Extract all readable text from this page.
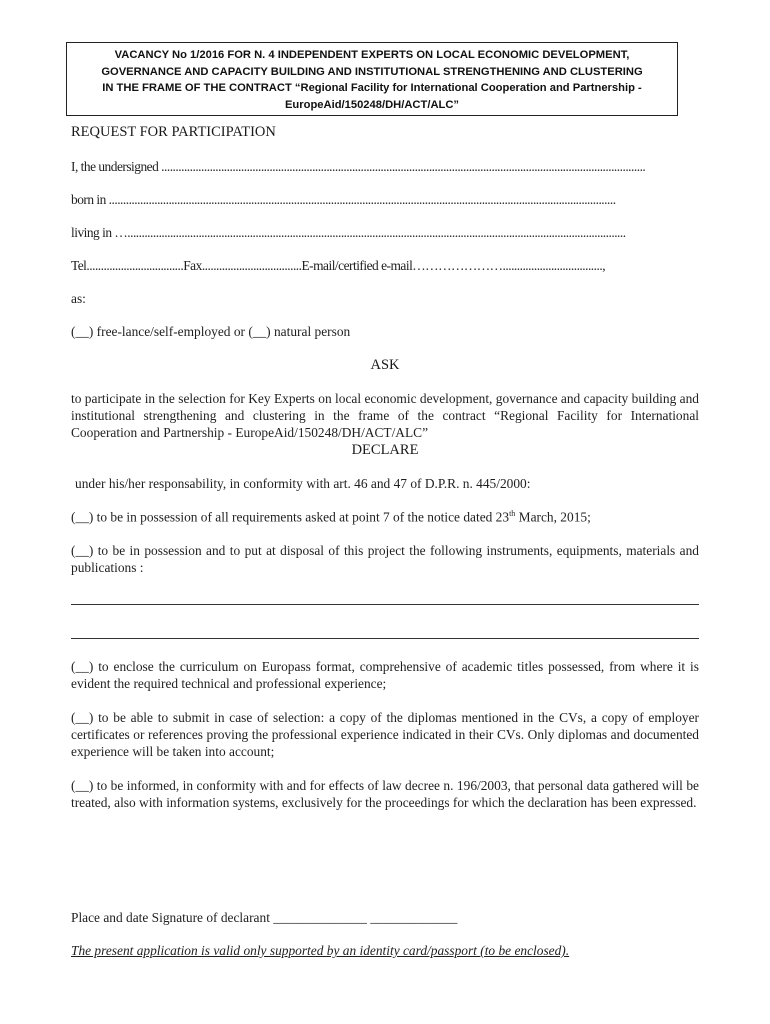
VACANCY No 1/2016 FOR N. 4 INDEPENDENT EXPERTS ON LOCAL ECONOMIC DEVELOPMENT,
GOVERNANCE AND CAPACITY BUILDING AND INSTITUTIONAL STRENGTHENING AND CLUSTERING
IN THE FRAME OF THE CONTRACT “Regional Facility for International Cooperation and Partnership -
EuropeAid/150248/DH/ACT/ALC”
REQUEST FOR PARTICIPATION
I, the undersigned ..........................................................................................................................................................................
born in ..................................................................................................................................................................................
living in …...............................................................................................................................................................................
Tel..................................Fax...................................E-mail/certified e-mail…………………...................................,
as:
(__) free-lance/self-employed or (__) natural person
ASK
to participate in the selection for Key Experts on local economic development, governance and capacity building and institutional strengthening and clustering in the frame of the contract “Regional Facility for International Cooperation and Partnership - EuropeAid/150248/DH/ACT/ALC”
DECLARE
under his/her responsability, in conformity with art. 46 and 47 of D.P.R. n. 445/2000:
(__) to be in possession of all requirements asked at point 7 of the notice dated 23th March, 2015;
(__) to be in possession and to put at disposal of this project the following instruments, equipments, materials and publications :
(__) to enclose the curriculum on Europass format, comprehensive of academic titles possessed, from where it is evident the required technical and professional experience;
(__) to be able to submit in case of selection: a copy of the diplomas mentioned in the CVs, a copy of employer certificates or references proving the professional experience indicated in their CVs. Only diplomas and documented experience will be taken into account;
(__) to be informed, in conformity with and for effects of law decree n. 196/2003, that personal data gathered will be treated, also with information systems, exclusively for the proceedings for which the declaration has been expressed.
Place and date Signature of declarant ______________ _____________
The present application is valid only supported by an identity card/passport (to be enclosed).
